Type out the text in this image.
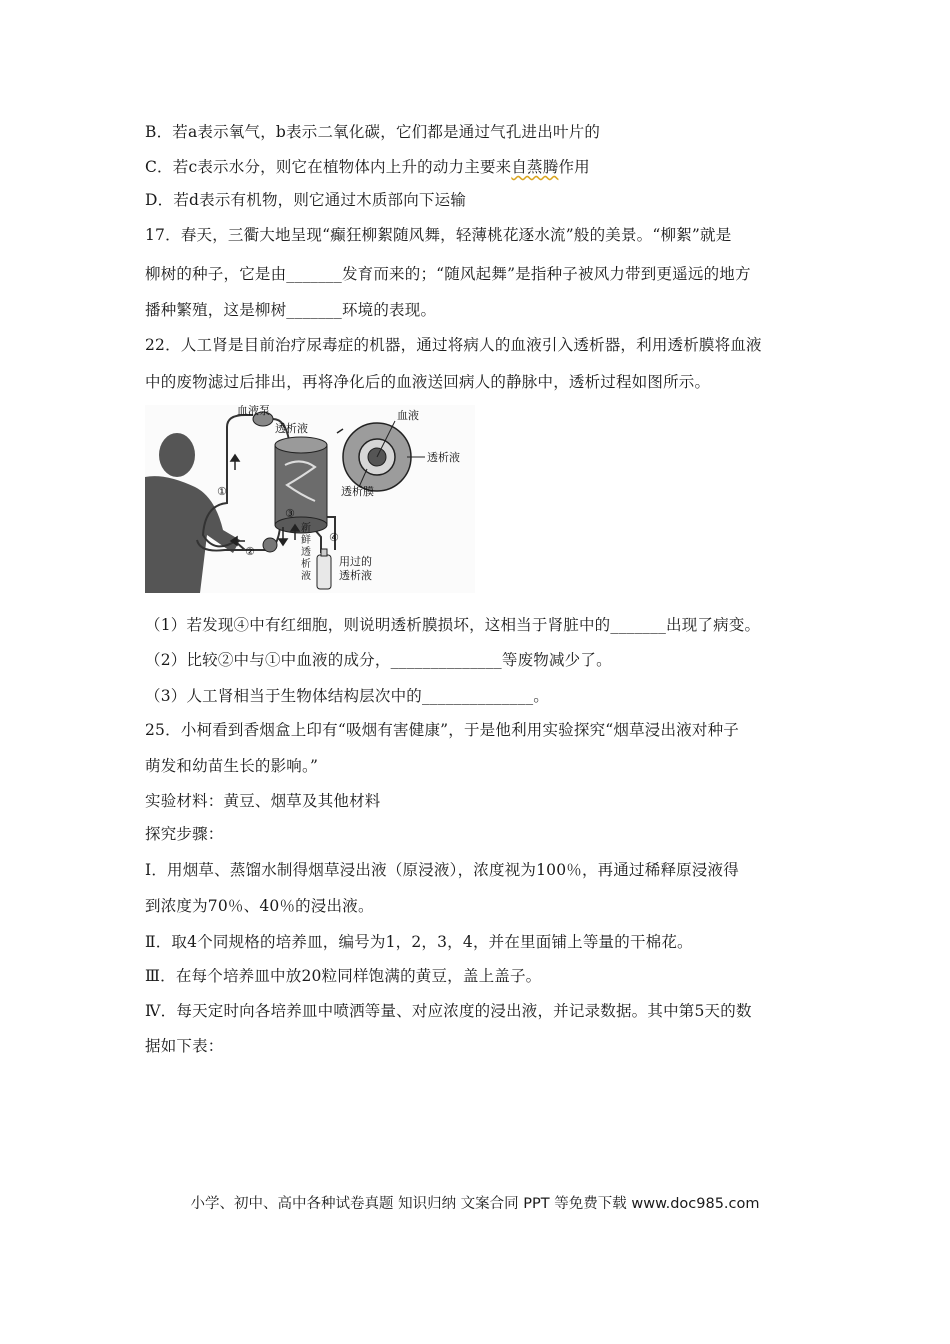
B．若a表示氧气，b表示二氧化碳，它们都是通过气孔进出叶片的
C．若c表示水分，则它在植物体内上升的动力主要来自蒸腾作用
D．若d表示有机物，则它通过木质部向下运输
17．春天，三衢大地呈现“癫狂柳絮随风舞，轻薄桃花逐水流”般的美景。“柳絮”就是
柳树的种子，它是由_______发育而来的；“随风起舞”是指种子被风力带到更遥远的地方
播种繁殖，这是柳树_______环境的表现。
22．人工肾是目前治疗尿毒症的机器，通过将病人的血液引入透析器，利用透析膜将血液
中的废物滤过后排出，再将净化后的血液送回病人的静脉中，透析过程如图所示。
血液泵
透析液
血液
透析液
透析膜
①
②
③
④
新
鲜
透
析
液
用过的
透析液
（1）若发现④中有红细胞，则说明透析膜损坏，这相当于肾脏中的_______出现了病变。
（2）比较②中与①中血液的成分，______________等废物减少了。
（3）人工肾相当于生物体结构层次中的______________。
25．小柯看到香烟盒上印有“吸烟有害健康”，于是他利用实验探究“烟草浸出液对种子
萌发和幼苗生长的影响。”
实验材料：黄豆、烟草及其他材料
探究步骤：
Ⅰ．用烟草、蒸馏水制得烟草浸出液（原浸液），浓度视为100％，再通过稀释原浸液得
到浓度为70％、40％的浸出液。
Ⅱ．取4个同规格的培养皿，编号为1，2，3，4，并在里面铺上等量的干棉花。
Ⅲ．在每个培养皿中放20粒同样饱满的黄豆，盖上盖子。
Ⅳ．每天定时向各培养皿中喷洒等量、对应浓度的浸出液，并记录数据。其中第5天的数
据如下表：
小学、初中、高中各种试卷真题 知识归纳 文案合同 PPT 等免费下载 www.doc985.com
